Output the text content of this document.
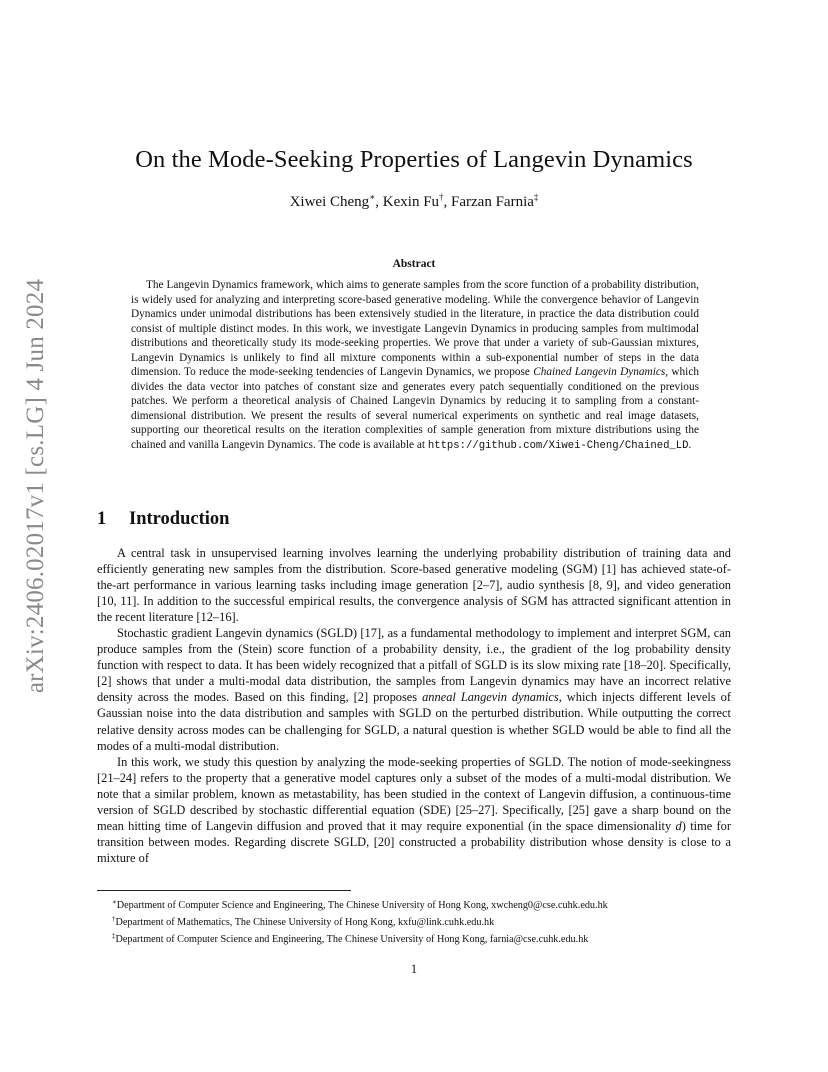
arXiv:2406.02017v1 [cs.LG] 4 Jun 2024
On the Mode-Seeking Properties of Langevin Dynamics
Xiwei Cheng∗, Kexin Fu†, Farzan Farnia‡
Abstract

The Langevin Dynamics framework, which aims to generate samples from the score function of a probability distribution, is widely used for analyzing and interpreting score-based generative modeling. While the convergence behavior of Langevin Dynamics under unimodal distributions has been extensively studied in the literature, in practice the data distribution could consist of multiple distinct modes. In this work, we investigate Langevin Dynamics in producing samples from multimodal distributions and theoretically study its mode-seeking properties. We prove that under a variety of sub-Gaussian mixtures, Langevin Dynamics is unlikely to find all mixture components within a sub-exponential number of steps in the data dimension. To reduce the mode-seeking tendencies of Langevin Dynamics, we propose Chained Langevin Dynamics, which divides the data vector into patches of constant size and generates every patch sequentially conditioned on the previous patches. We perform a theoretical analysis of Chained Langevin Dynamics by reducing it to sampling from a constant-dimensional distribution. We present the results of several numerical experiments on synthetic and real image datasets, supporting our theoretical results on the iteration complexities of sample generation from mixture distributions using the chained and vanilla Langevin Dynamics. The code is available at https://github.com/Xiwei-Cheng/Chained_LD.

1 Introduction

A central task in unsupervised learning involves learning the underlying probability distribution of training data and efficiently generating new samples from the distribution. Score-based generative modeling (SGM) [1] has achieved state-of-the-art performance in various learning tasks including image generation [2–7], audio synthesis [8, 9], and video generation [10, 11]. In addition to the successful empirical results, the convergence analysis of SGM has attracted significant attention in the recent literature [12–16].

Stochastic gradient Langevin dynamics (SGLD) [17], as a fundamental methodology to implement and interpret SGM, can produce samples from the (Stein) score function of a probability density, i.e., the gradient of the log probability density function with respect to data. It has been widely recognized that a pitfall of SGLD is its slow mixing rate [18–20]. Specifically, [2] shows that under a multi-modal data distribution, the samples from Langevin dynamics may have an incorrect relative density across the modes. Based on this finding, [2] proposes anneal Langevin dynamics, which injects different levels of Gaussian noise into the data distribution and samples with SGLD on the perturbed distribution. While outputting the correct relative density across modes can be challenging for SGLD, a natural question is whether SGLD would be able to find all the modes of a multi-modal distribution.

In this work, we study this question by analyzing the mode-seeking properties of SGLD. The notion of mode-seekingness [21–24] refers to the property that a generative model captures only a subset of the modes of a multi-modal distribution. We note that a similar problem, known as metastability, has been studied in the context of Langevin diffusion, a continuous-time version of SGLD described by stochastic differential equation (SDE) [25–27]. Specifically, [25] gave a sharp bound on the mean hitting time of Langevin diffusion and proved that it may require exponential (in the space dimensionality d) time for transition between modes. Regarding discrete SGLD, [20] constructed a probability distribution whose density is close to a mixture of

∗Department of Computer Science and Engineering, The Chinese University of Hong Kong, xwcheng0@cse.cuhk.edu.hk
†Department of Mathematics, The Chinese University of Hong Kong, kxfu@link.cuhk.edu.hk
‡Department of Computer Science and Engineering, The Chinese University of Hong Kong, farnia@cse.cuhk.edu.hk
1
